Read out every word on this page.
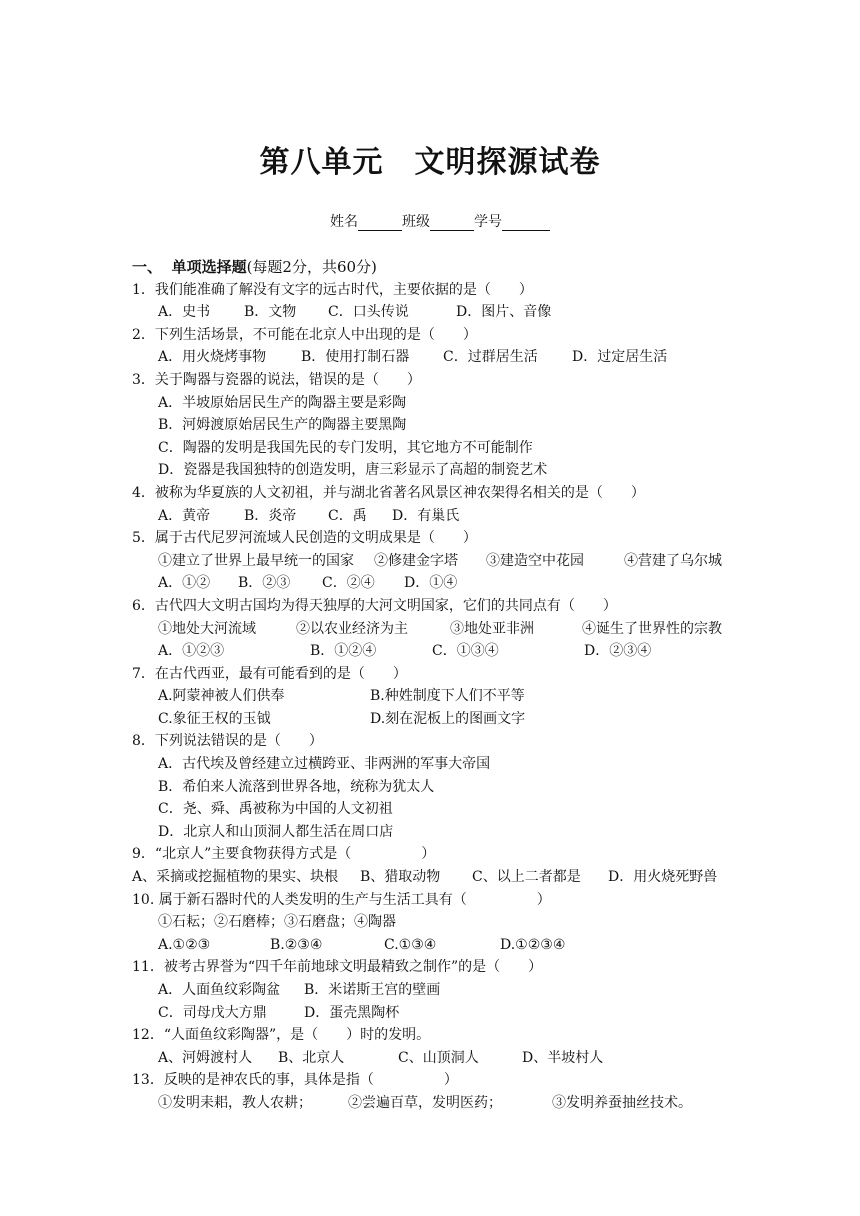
第八单元　文明探源试卷
姓名	班级	学号
一、 单项选择题(每题2分，共60分)
1．我们能准确了解没有文字的远古时代，主要依据的是（　　）
A．史书	B．文物	C．口头传说	D．图片、音像
2．下列生活场景，不可能在北京人中出现的是（　　）
A．用火烧烤事物	B．使用打制石器	C．过群居生活	D．过定居生活
3．关于陶器与瓷器的说法，错误的是（　　）
A．半坡原始居民生产的陶器主要是彩陶
B．河姆渡原始居民生产的陶器主要黑陶
C．陶器的发明是我国先民的专门发明，其它地方不可能制作
D．瓷器是我国独特的创造发明，唐三彩显示了高超的制瓷艺术
4．被称为华夏族的人文初祖，并与湖北省著名风景区神农架得名相关的是（　　）
A．黄帝	B．炎帝	C．禹	D．有巢氏
5．属于古代尼罗河流域人民创造的文明成果是（　　）
①建立了世界上最早统一的国家	②修建金字塔	③建造空中花园	④营建了乌尔城
A．①②	B．②③	C．②④	D．①④
6．古代四大文明古国均为得天独厚的大河文明国家，它们的共同点有（　　）
①地处大河流域	②以农业经济为主	③地处亚非洲	④诞生了世界性的宗教
A．①②③	B．①②④	C．①③④	D．②③④
7．在古代西亚，最有可能看到的是（　　）
A.阿蒙神被人们供奉	B.种姓制度下人们不平等
C.象征王权的玉钺	D.刻在泥板上的图画文字
8．下列说法错误的是（　　）
A．古代埃及曾经建立过横跨亚、非两洲的军事大帝国
B．希伯来人流落到世界各地，统称为犹太人
C．尧、舜、禹被称为中国的人文初祖
D．北京人和山顶洞人都生活在周口店
9．“北京人”主要食物获得方式是（　　　　　）
A、采摘或挖掘植物的果实、块根	B、猎取动物	C、以上二者都是	D．用火烧死野兽
10. 属于新石器时代的人类发明的生产与生活工具有（　　　　　）
①石耘；②石磨棒；③石磨盘；④陶器
A.①②③	B.②③④	C.①③④	D.①②③④
11．被考古界誉为“四千年前地球文明最精致之制作”的是（　　）
A．人面鱼纹彩陶盆	B．米诺斯王宫的壁画
C．司母戊大方鼎	D．蛋壳黑陶杯
12．“人面鱼纹彩陶器”，是（　　）时的发明。
A、河姆渡村人	B、北京人	C、山顶洞人	D、半坡村人
13．反映的是神农氏的事，具体是指（　　　　　）
①发明耒耜，教人农耕；	②尝遍百草，发明医药；	③发明养蚕抽丝技术。
